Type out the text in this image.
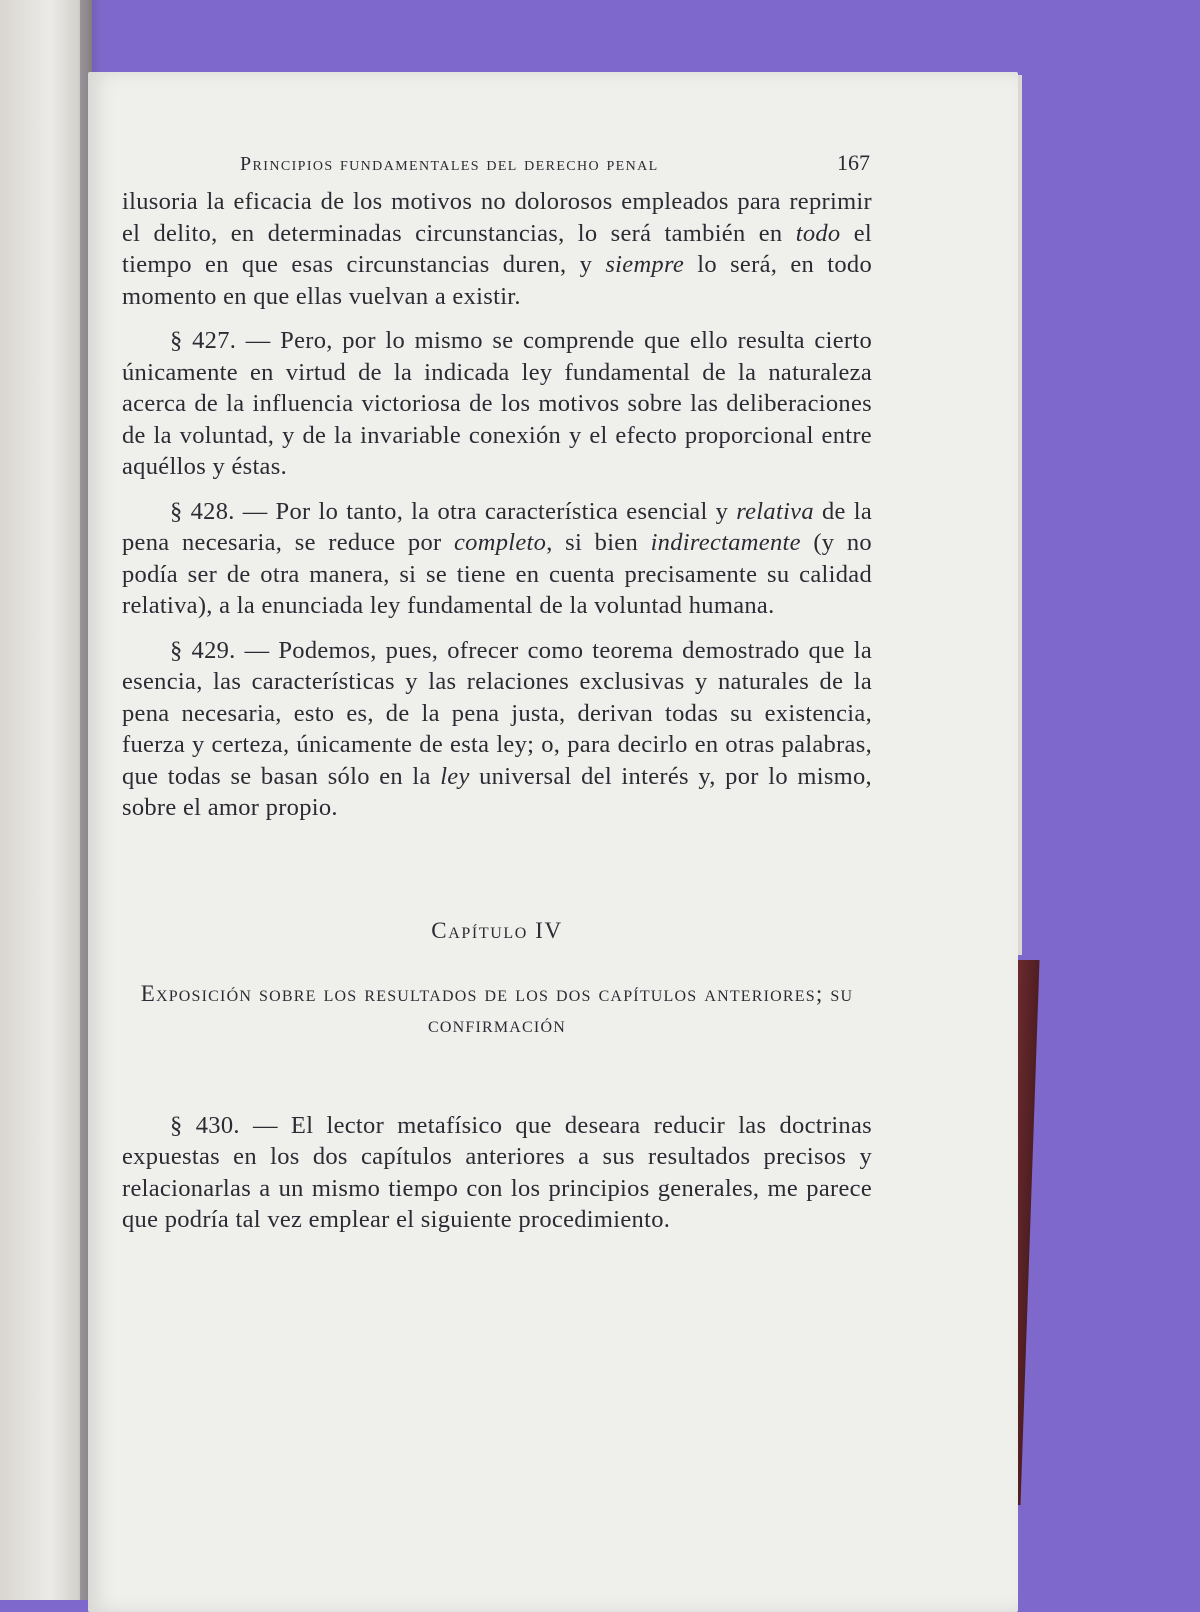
Principios fundamentales del derecho penal	167

ilusoria la eficacia de los motivos no dolorosos empleados para reprimir el delito, en determinadas circunstancias, lo será también en todo el tiempo en que esas circunstancias duren, y siempre lo será, en todo momento en que ellas vuelvan a existir.

§ 427. — Pero, por lo mismo se comprende que ello resulta cierto únicamente en virtud de la indicada ley fundamental de la naturaleza acerca de la influencia victoriosa de los motivos sobre las deliberaciones de la voluntad, y de la invariable conexión y el efecto proporcional entre aquéllos y éstas.

§ 428. — Por lo tanto, la otra característica esencial y relativa de la pena necesaria, se reduce por completo, si bien indirectamente (y no podía ser de otra manera, si se tiene en cuenta precisamente su calidad relativa), a la enunciada ley fundamental de la voluntad humana.

§ 429. — Podemos, pues, ofrecer como teorema demostrado que la esencia, las características y las relaciones exclusivas y naturales de la pena necesaria, esto es, de la pena justa, derivan todas su existencia, fuerza y certeza, únicamente de esta ley; o, para decirlo en otras palabras, que todas se basan sólo en la ley universal del interés y, por lo mismo, sobre el amor propio.

Capítulo IV
Exposición sobre los resultados de los dos capítulos anteriores; su confirmación

§ 430. — El lector metafísico que deseara reducir las doctrinas expuestas en los dos capítulos anteriores a sus resultados precisos y relacionarlas a un mismo tiempo con los principios generales, me parece que podría tal vez emplear el siguiente procedimiento.
